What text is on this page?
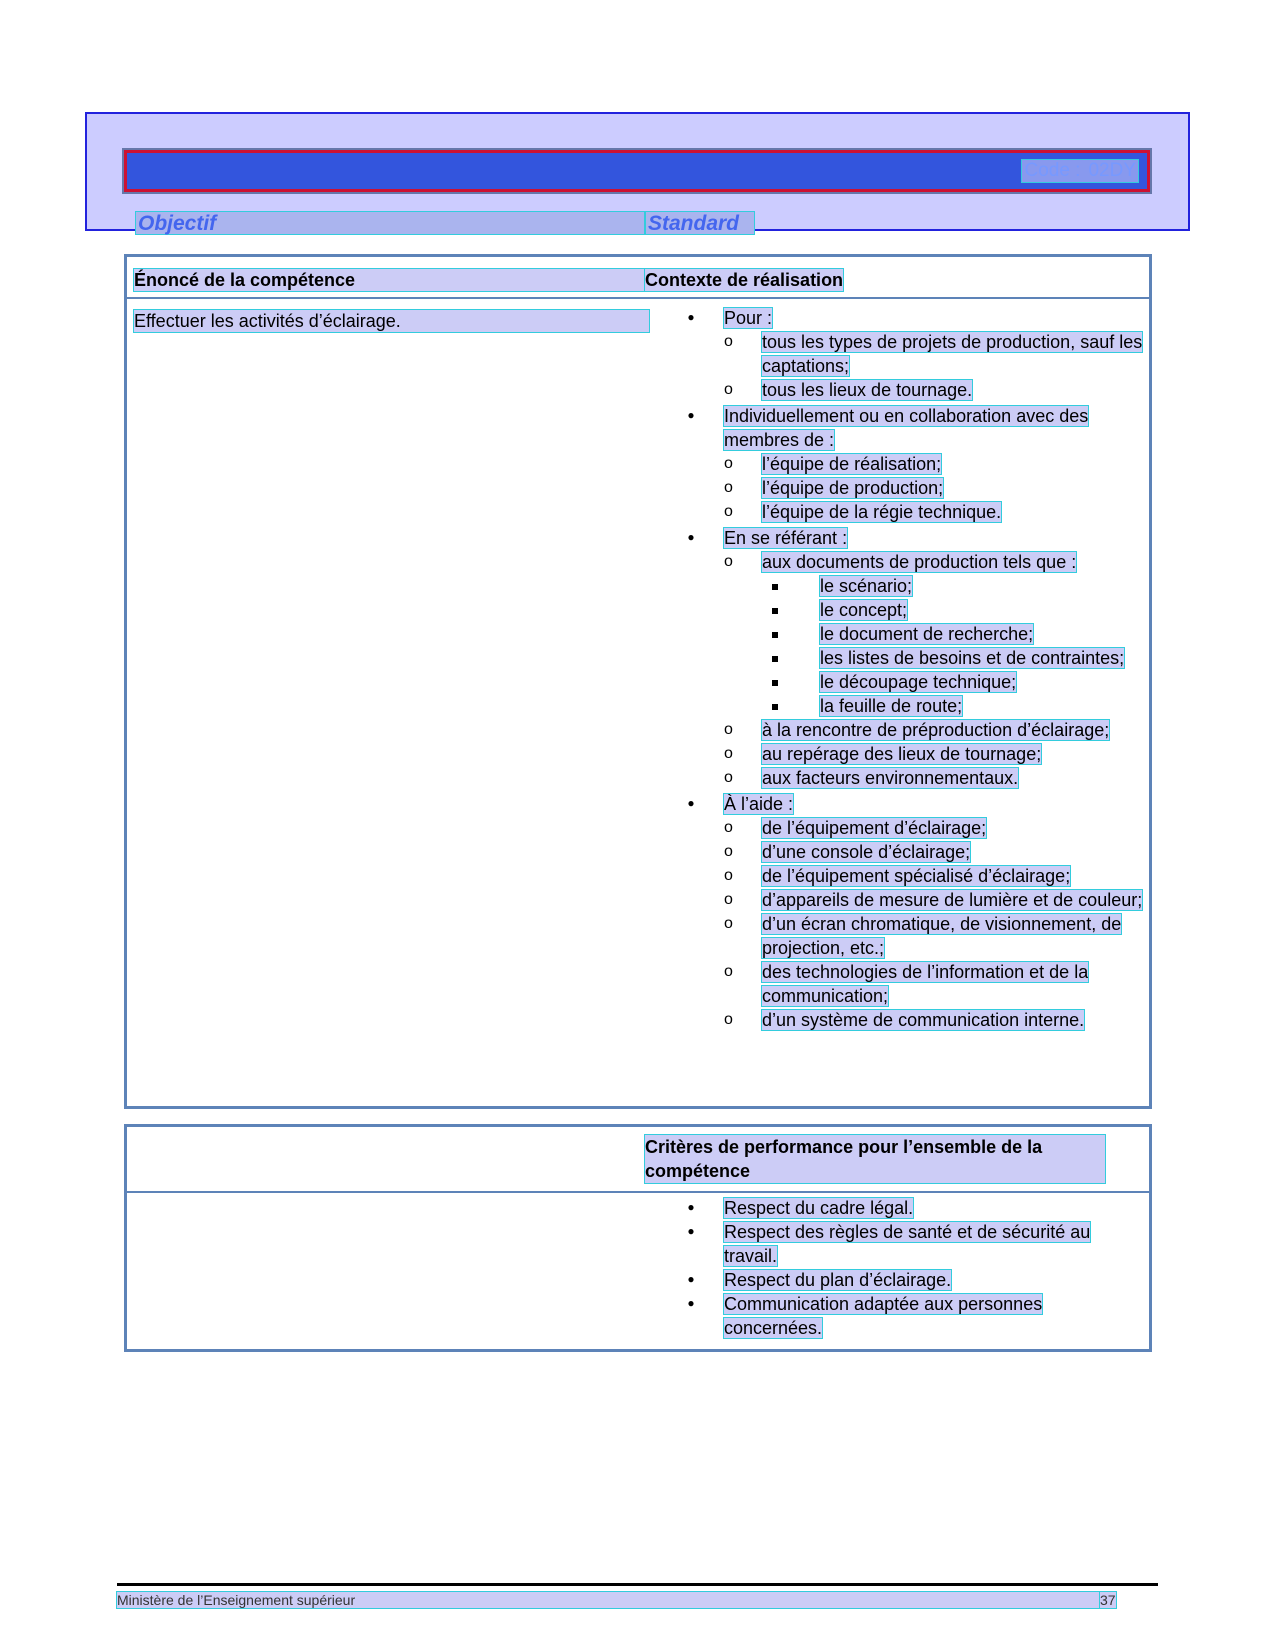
Code : 02DY
Objectif	Standard
Énoncé de la compétence	Contexte de réalisation
Effectuer les activités d’éclairage.	● Pour :
o tous les types de projets de production, sauf les captations;
o tous les lieux de tournage.
● Individuellement ou en collaboration avec des membres de :
o l’équipe de réalisation;
o l’équipe de production;
o l’équipe de la régie technique.
● En se référant :
o aux documents de production tels que :
le scénario;
le concept;
le document de recherche;
les listes de besoins et de contraintes;
le découpage technique;
la feuille de route;
o à la rencontre de préproduction d’éclairage;
o au repérage des lieux de tournage;
o aux facteurs environnementaux.
● À l’aide :
o de l’équipement d’éclairage;
o d’une console d’éclairage;
o de l’équipement spécialisé d’éclairage;
o d’appareils de mesure de lumière et de couleur;
o d’un écran chromatique, de visionnement, de projection, etc.;
o des technologies de l’information et de la communication;
o d’un système de communication interne.
Critères de performance pour l’ensemble de la compétence
● Respect du cadre légal.
● Respect des règles de santé et de sécurité au travail.
● Respect du plan d’éclairage.
● Communication adaptée aux personnes concernées.
Ministère de l’Enseignement supérieur	37
